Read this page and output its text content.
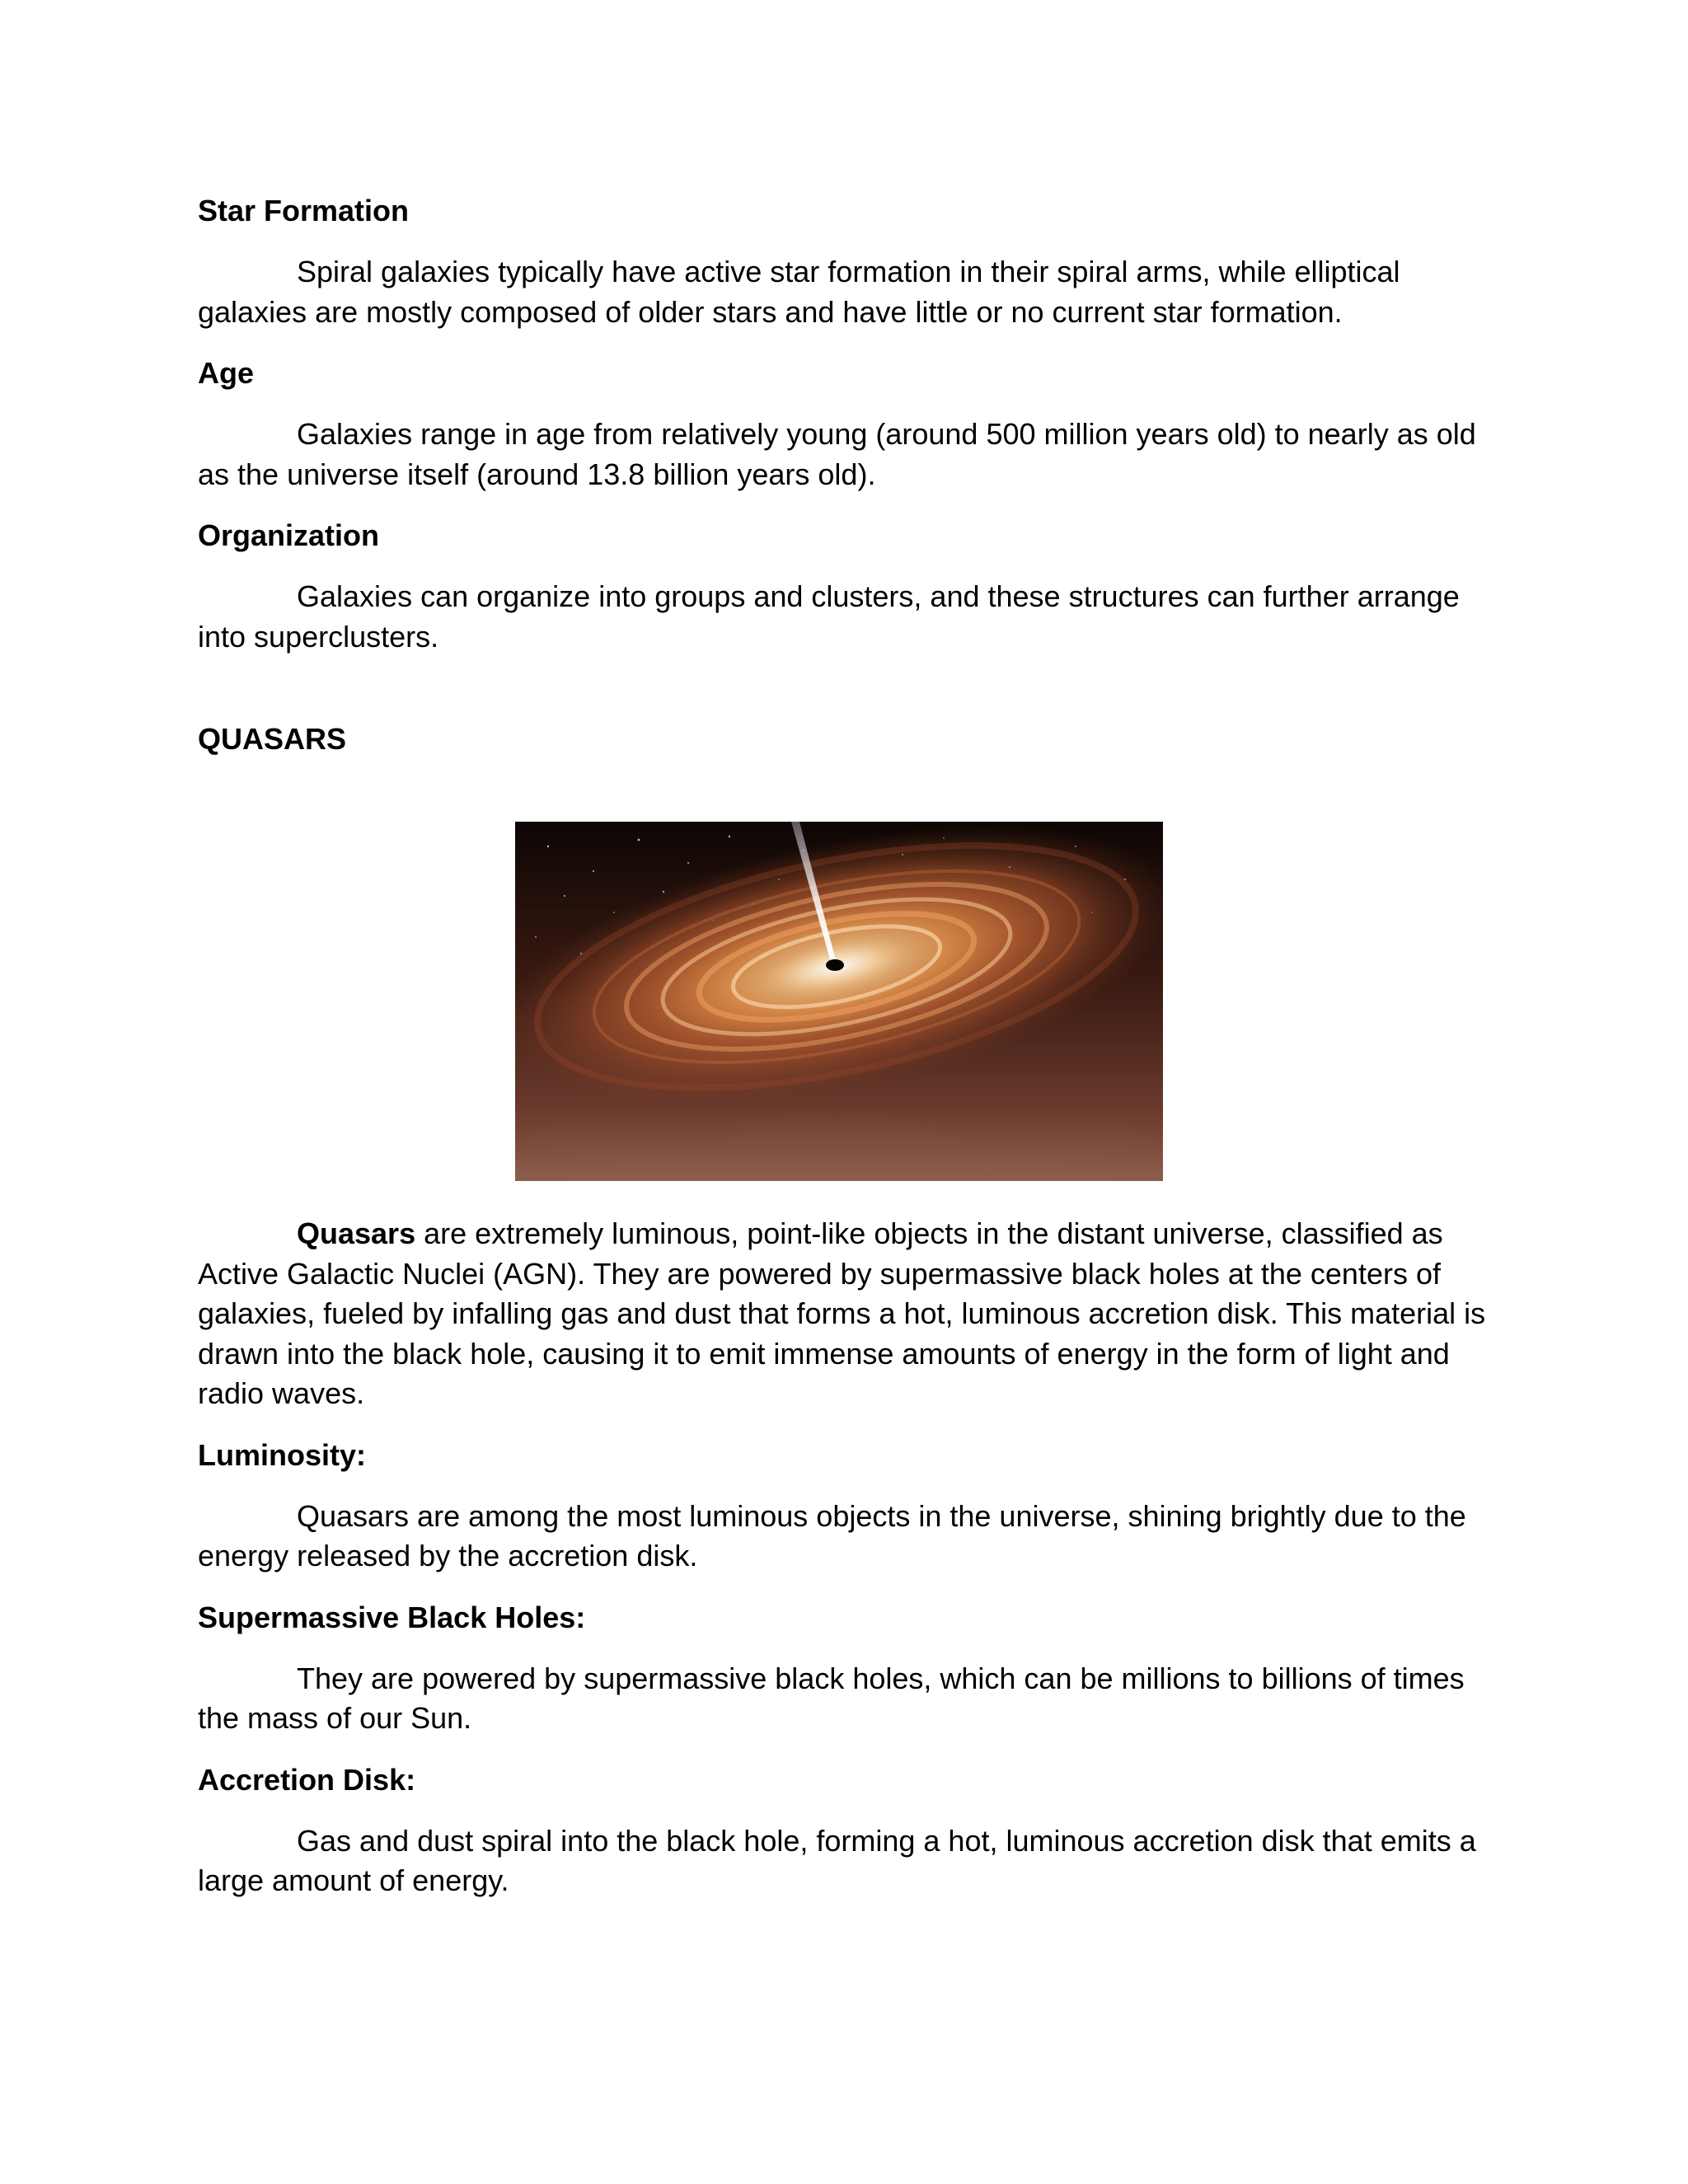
Star Formation

Spiral galaxies typically have active star formation in their spiral arms, while elliptical galaxies are mostly composed of older stars and have little or no current star formation.

Age

Galaxies range in age from relatively young (around 500 million years old) to nearly as old as the universe itself (around 13.8 billion years old).

Organization

Galaxies can organize into groups and clusters, and these structures can further arrange into superclusters.

QUASARS

Quasars are extremely luminous, point-like objects in the distant universe, classified as Active Galactic Nuclei (AGN). They are powered by supermassive black holes at the centers of galaxies, fueled by infalling gas and dust that forms a hot, luminous accretion disk. This material is drawn into the black hole, causing it to emit immense amounts of energy in the form of light and radio waves.

Luminosity:

Quasars are among the most luminous objects in the universe, shining brightly due to the energy released by the accretion disk.

Supermassive Black Holes:

They are powered by supermassive black holes, which can be millions to billions of times the mass of our Sun.

Accretion Disk:

Gas and dust spiral into the black hole, forming a hot, luminous accretion disk that emits a large amount of energy.
